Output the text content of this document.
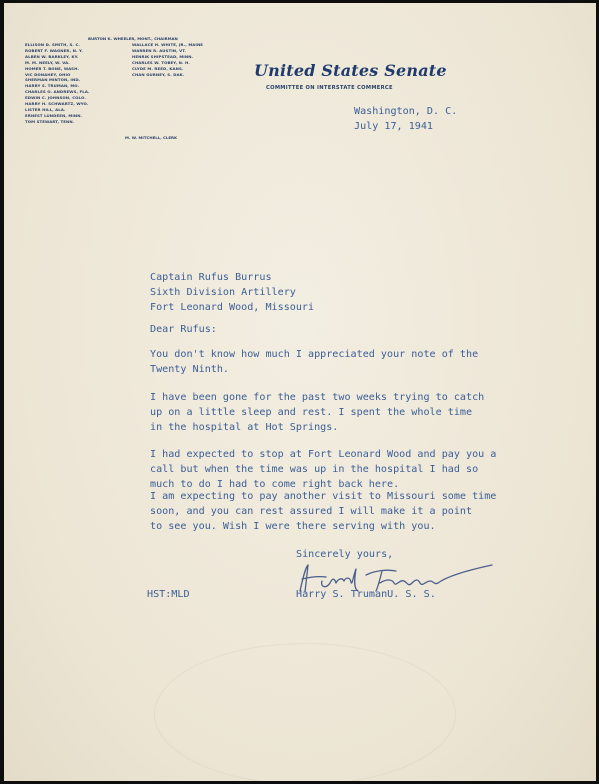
BURTON K. WHEELER, MONT., CHAIRMAN
ELLISON D. SMITH, S. C.
ROBERT F. WAGNER, N. Y.
ALBEN W. BARKLEY, KY.
M. M. NEELY, W. VA.
HOMER T. BONE, WASH.
VIC DONAHEY, OHIO
SHERMAN MINTON, IND.
HARRY S. TRUMAN, MO.
CHARLES O. ANDREWS, FLA.
EDWIN C. JOHNSON, COLO.
HARRY H. SCHWARTZ, WYO.
LISTER HILL, ALA.
ERNEST LUNDEEN, MINN.
TOM STEWART, TENN.
WALLACE H. WHITE, JR., MAINE
WARREN R. AUSTIN, VT.
HENRIK SHIPSTEAD, MINN.
CHARLES W. TOBEY, N. H.
CLYDE M. REED, KANS.
CHAN GURNEY, S. DAK.
M. W. MITCHELL, CLERK
United States Senate
COMMITTEE ON INTERSTATE COMMERCE
Washington, D. C.
July 17, 1941
Captain Rufus Burrus
Sixth Division Artillery
Fort Leonard Wood, Missouri
Dear Rufus:
You don't know how much I appreciated your note of the
Twenty Ninth.
I have been gone for the past two weeks trying to catch
up on a little sleep and rest. I spent the whole time
in the hospital at Hot Springs.
I had expected to stop at Fort Leonard Wood and pay you a
call but when the time was up in the hospital I had so
much to do I had to come right back here.
I am expecting to pay another visit to Missouri some time
soon, and you can rest assured I will make it a point
to see you. Wish I were there serving with you.
Sincerely yours,
HST:MLD	Harry S. TrumanU. S. S.
